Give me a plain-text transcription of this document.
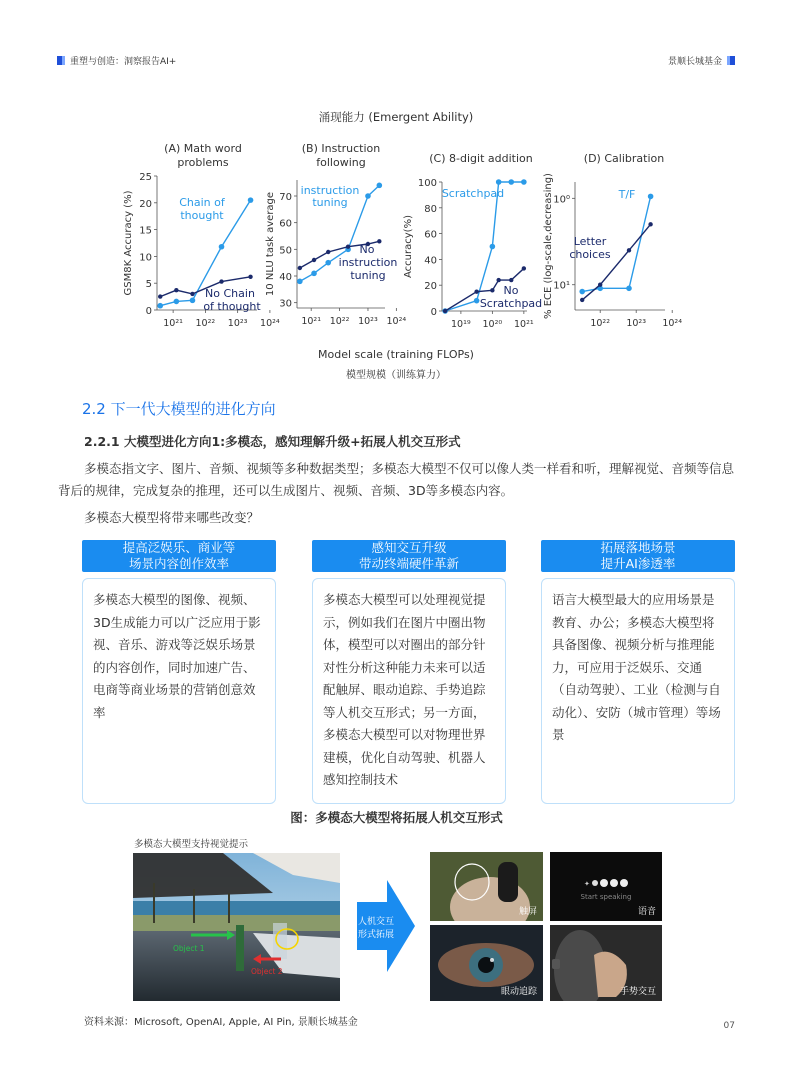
重塑与创造：洞察报告AI+	景顺长城基金
涌现能力 (Emergent Ability)
Model scale (training FLOPs)
模型规模（训练算力）
(A) Math word
problems
GSM8K Accuracy (%)
0
5
10
15
20
25
10²¹ 10²² 10²³ 10²⁴
Chain of
thought
No Chain
of thought
(B) Instruction
following
10 NLU task average
30
40
50
60
70
10²¹ 10²² 10²³ 10²⁴
instruction
tuning
No
instruction
tuning
(C) 8-digit addition
Accuracy(%)
0
20
40
60
80
100
10¹⁹ 10²⁰ 10²¹
Scratchpad
No
Scratchpad
(D) Calibration
% ECE (log-scale,decreasing) 10⁰
10¹
10²² 10²³ 10²⁴
T/F
Letter
choices
2.2 下一代大模型的进化方向
2.2.1 大模型进化方向1:多模态，感知理解升级+拓展人机交互形式
多模态指文字、图片、音频、视频等多种数据类型；多模态大模型不仅可以像人类一样看和听，理解视觉、音频等信息背后的规律，完成复杂的推理，还可以生成图片、视频、音频、3D等多模态内容。
多模态大模型将带来哪些改变？
提高泛娱乐、商业等
场景内容创作效率
多模态大模型的图像、视频、3D生成能力可以广泛应用于影视、音乐、游戏等泛娱乐场景的内容创作，同时加速广告、电商等商业场景的营销创意效率
感知交互升级
带动终端硬件革新
多模态大模型可以处理视觉提示，例如我们在图片中圈出物体，模型可以对圈出的部分针对性分析这种能力未来可以适配触屏、眼动追踪、手势追踪等人机交互形式；另一方面，多模态大模型可以对物理世界建模，优化自动驾驶、机器人感知控制技术
拓展落地场景
提升AI渗透率
语言大模型最大的应用场景是教育、办公；多模态大模型将具备图像、视频分析与推理能力，可应用于泛娱乐、交通（自动驾驶）、工业（检测与自动化）、安防（城市管理）等场景
图：多模态大模型将拓展人机交互形式
多模态大模型支持视觉提示
Object 1
Object 2
人机交互
形式拓展
触屏
✦
Start speaking
语音
眼动追踪	手势交互
资料来源：Microsoft, OpenAI, Apple, AI Pin, 景顺长城基金	07
